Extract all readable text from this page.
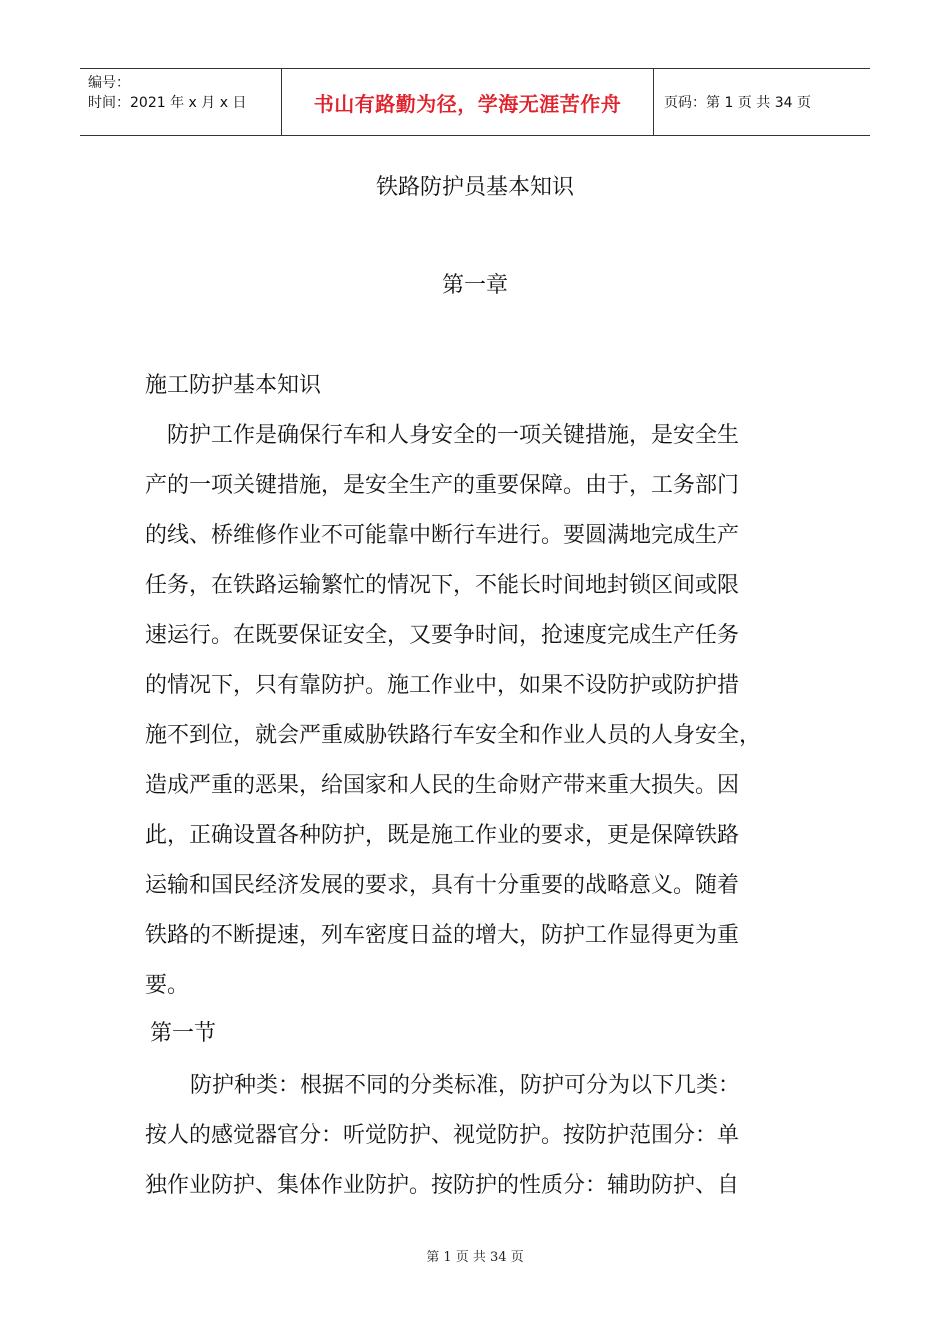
编号：
时间：2021 年 x 月 x 日	书山有路勤为径，学海无涯苦作舟	页码：第 1 页 共 34 页
铁路防护员基本知识
第一章
施工防护基本知识
　防护工作是确保行车和人身安全的一项关键措施，是安全生
产的一项关键措施，是安全生产的重要保障。由于，工务部门
的线、桥维修作业不可能靠中断行车进行。要圆满地完成生产
任务，在铁路运输繁忙的情况下，不能长时间地封锁区间或限
速运行。在既要保证安全，又要争时间，抢速度完成生产任务
的情况下，只有靠防护。施工作业中，如果不设防护或防护措
施不到位，就会严重威胁铁路行车安全和作业人员的人身安全，
造成严重的恶果，给国家和人民的生命财产带来重大损失。因
此，正确设置各种防护，既是施工作业的要求，更是保障铁路
运输和国民经济发展的要求，具有十分重要的战略意义。随着
铁路的不断提速，列车密度日益的增大，防护工作显得更为重
要。
第一节
　防护种类：根据不同的分类标准，防护可分为以下几类：
按人的感觉器官分：听觉防护、视觉防护。按防护范围分：单
独作业防护、集体作业防护。按防护的性质分：辅助防护、自
第 1 页 共 34 页
